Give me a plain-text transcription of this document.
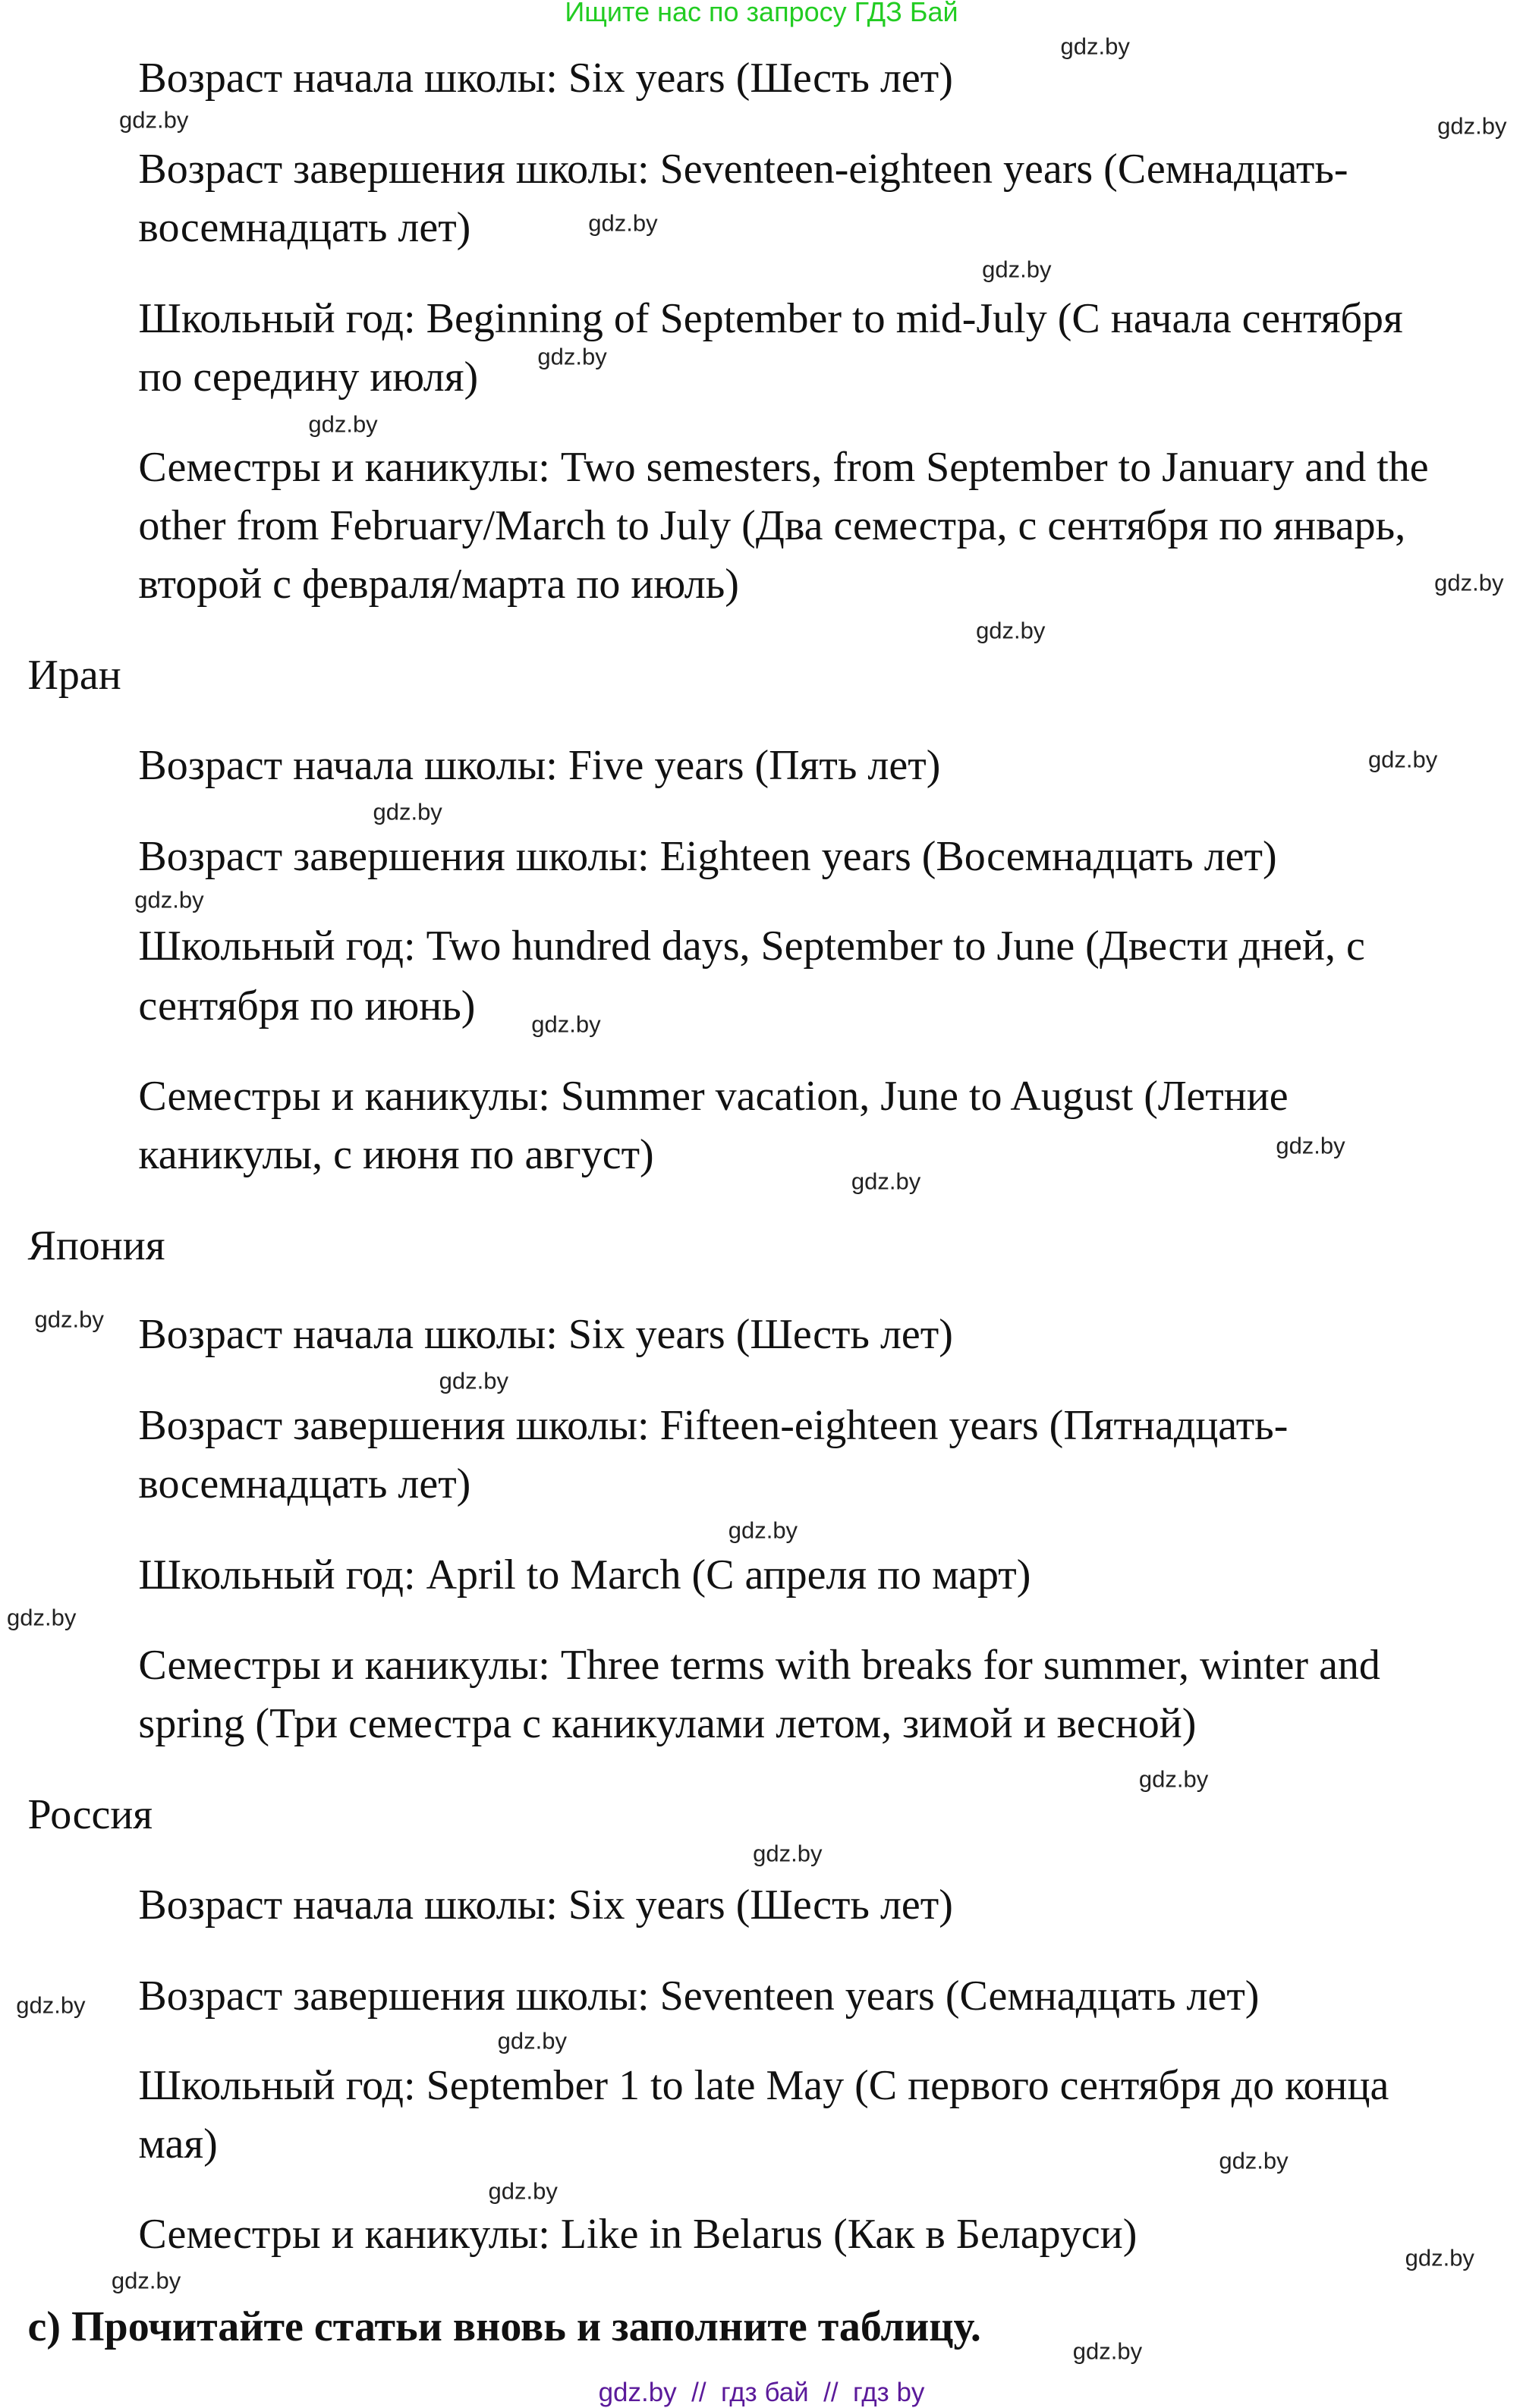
Ищите нас по запросу ГДЗ Бай
Возраст начала школы: Six years (Шесть лет)
Возраст завершения школы: Seventeen-eighteen years (Семнадцать-
восемнадцать лет)
Школьный год: Beginning of September to mid-July (С начала сентября
по середину июля)
Семестры и каникулы: Two semesters, from September to January and the
other from February/March to July (Два семестра, с сентября по январь,
второй с февраля/марта по июль)
Иран
Возраст начала школы: Five years (Пять лет)
Возраст завершения школы: Eighteen years (Восемнадцать лет)
Школьный год: Two hundred days, September to June (Двести дней, с
сентября по июнь)
Семестры и каникулы: Summer vacation, June to August (Летние
каникулы, с июня по август)
Япония
Возраст начала школы: Six years (Шесть лет)
Возраст завершения школы: Fifteen-eighteen years (Пятнадцать-
восемнадцать лет)
Школьный год: April to March (С апреля по март)
Семестры и каникулы: Three terms with breaks for summer, winter and
spring (Три семестра с каникулами летом, зимой и весной)
Россия
Возраст начала школы: Six years (Шесть лет)
Возраст завершения школы: Seventeen years (Семнадцать лет)
Школьный год: September 1 to late May (С первого сентября до конца
мая)
Семестры и каникулы: Like in Belarus (Как в Беларуси)
c) Прочитайте статьи вновь и заполните таблицу.
gdz.by
gdz.by	gdz.by
gdz.by
gdz.by
gdz.by
gdz.by
gdz.by
gdz.by
gdz.by
gdz.by
gdz.by
gdz.by
gdz.by
gdz.by
gdz.by
gdz.by
gdz.by
gdz.by
gdz.by
gdz.by
gdz.by
gdz.by
gdz.by
gdz.by
gdz.by
gdz.by
gdz.by
gdz.by  //  гдз бай  //  гдз by
